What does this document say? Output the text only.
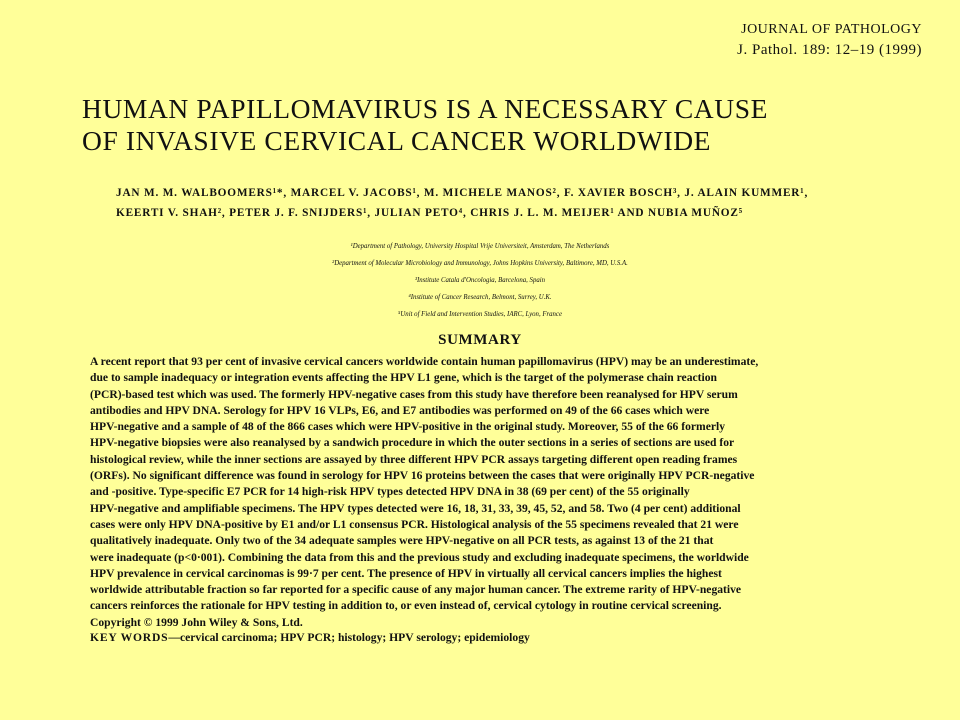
JOURNAL OF PATHOLOGY
J. Pathol. 189: 12–19 (1999)
HUMAN PAPILLOMAVIRUS IS A NECESSARY CAUSE
OF INVASIVE CERVICAL CANCER WORLDWIDE
JAN M. M. WALBOOMERS¹*, MARCEL V. JACOBS¹, M. MICHELE MANOS², F. XAVIER BOSCH³, J. ALAIN KUMMER¹,
KEERTI V. SHAH², PETER J. F. SNIJDERS¹, JULIAN PETO⁴, CHRIS J. L. M. MEIJER¹ AND NUBIA MUÑOZ⁵
¹Department of Pathology, University Hospital Vrije Universiteit, Amsterdam, The Netherlands
²Department of Molecular Microbiology and Immunology, Johns Hopkins University, Baltimore, MD, U.S.A.
³Institute Catala d'Oncologia, Barcelona, Spain
⁴Institute of Cancer Research, Belmont, Surrey, U.K.
⁵Unit of Field and Intervention Studies, IARC, Lyon, France
SUMMARY
A recent report that 93 per cent of invasive cervical cancers worldwide contain human papillomavirus (HPV) may be an underestimate,
due to sample inadequacy or integration events affecting the HPV L1 gene, which is the target of the polymerase chain reaction
(PCR)-based test which was used. The formerly HPV-negative cases from this study have therefore been reanalysed for HPV serum
antibodies and HPV DNA. Serology for HPV 16 VLPs, E6, and E7 antibodies was performed on 49 of the 66 cases which were
HPV-negative and a sample of 48 of the 866 cases which were HPV-positive in the original study. Moreover, 55 of the 66 formerly
HPV-negative biopsies were also reanalysed by a sandwich procedure in which the outer sections in a series of sections are used for
histological review, while the inner sections are assayed by three different HPV PCR assays targeting different open reading frames
(ORFs). No significant difference was found in serology for HPV 16 proteins between the cases that were originally HPV PCR-negative
and -positive. Type-specific E7 PCR for 14 high-risk HPV types detected HPV DNA in 38 (69 per cent) of the 55 originally
HPV-negative and amplifiable specimens. The HPV types detected were 16, 18, 31, 33, 39, 45, 52, and 58. Two (4 per cent) additional
cases were only HPV DNA-positive by E1 and/or L1 consensus PCR. Histological analysis of the 55 specimens revealed that 21 were
qualitatively inadequate. Only two of the 34 adequate samples were HPV-negative on all PCR tests, as against 13 of the 21 that
were inadequate (p<0·001). Combining the data from this and the previous study and excluding inadequate specimens, the worldwide
HPV prevalence in cervical carcinomas is 99·7 per cent. The presence of HPV in virtually all cervical cancers implies the highest
worldwide attributable fraction so far reported for a specific cause of any major human cancer. The extreme rarity of HPV-negative
cancers reinforces the rationale for HPV testing in addition to, or even instead of, cervical cytology in routine cervical screening.
Copyright © 1999 John Wiley & Sons, Ltd.
KEY WORDS—cervical carcinoma; HPV PCR; histology; HPV serology; epidemiology
